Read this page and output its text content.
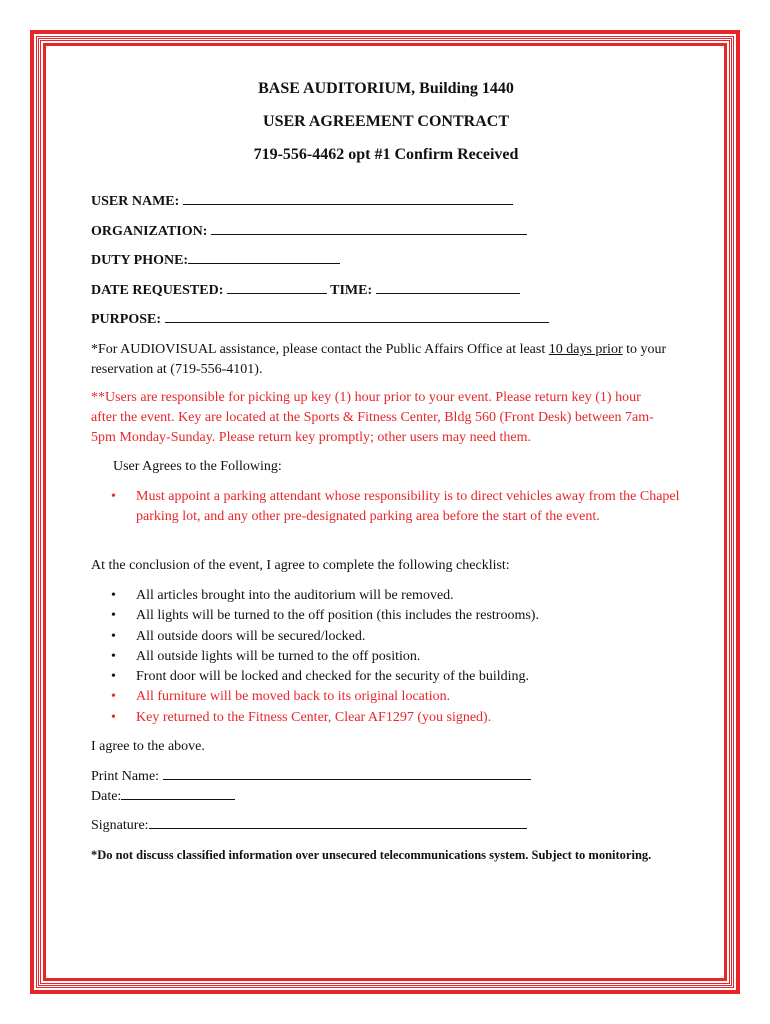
BASE AUDITORIUM, Building 1440
USER AGREEMENT CONTRACT
719-556-4462 opt #1 Confirm Received
USER NAME:
ORGANIZATION:
DUTY PHONE:
DATE REQUESTED:	TIME:
PURPOSE:
*For AUDIOVISUAL assistance, please contact the Public Affairs Office at least 10 days prior to your reservation at (719-556-4101).
**Users are responsible for picking up key (1) hour prior to your event. Please return key (1) hour after the event. Key are located at the Sports & Fitness Center, Bldg 560 (Front Desk) between 7am-5pm Monday-Sunday. Please return key promptly; other users may need them.
User Agrees to the Following:
• Must appoint a parking attendant whose responsibility is to direct vehicles away from the Chapel parking lot, and any other pre-designated parking area before the start of the event.
At the conclusion of the event, I agree to complete the following checklist:
• All articles brought into the auditorium will be removed.
• All lights will be turned to the off position (this includes the restrooms).
• All outside doors will be secured/locked.
• All outside lights will be turned to the off position.
• Front door will be locked and checked for the security of the building.
• All furniture will be moved back to its original location.
• Key returned to the Fitness Center, Clear AF1297 (you signed).
I agree to the above.
Print Name:
Date:
Signature:
*Do not discuss classified information over unsecured telecommunications system. Subject to monitoring.
